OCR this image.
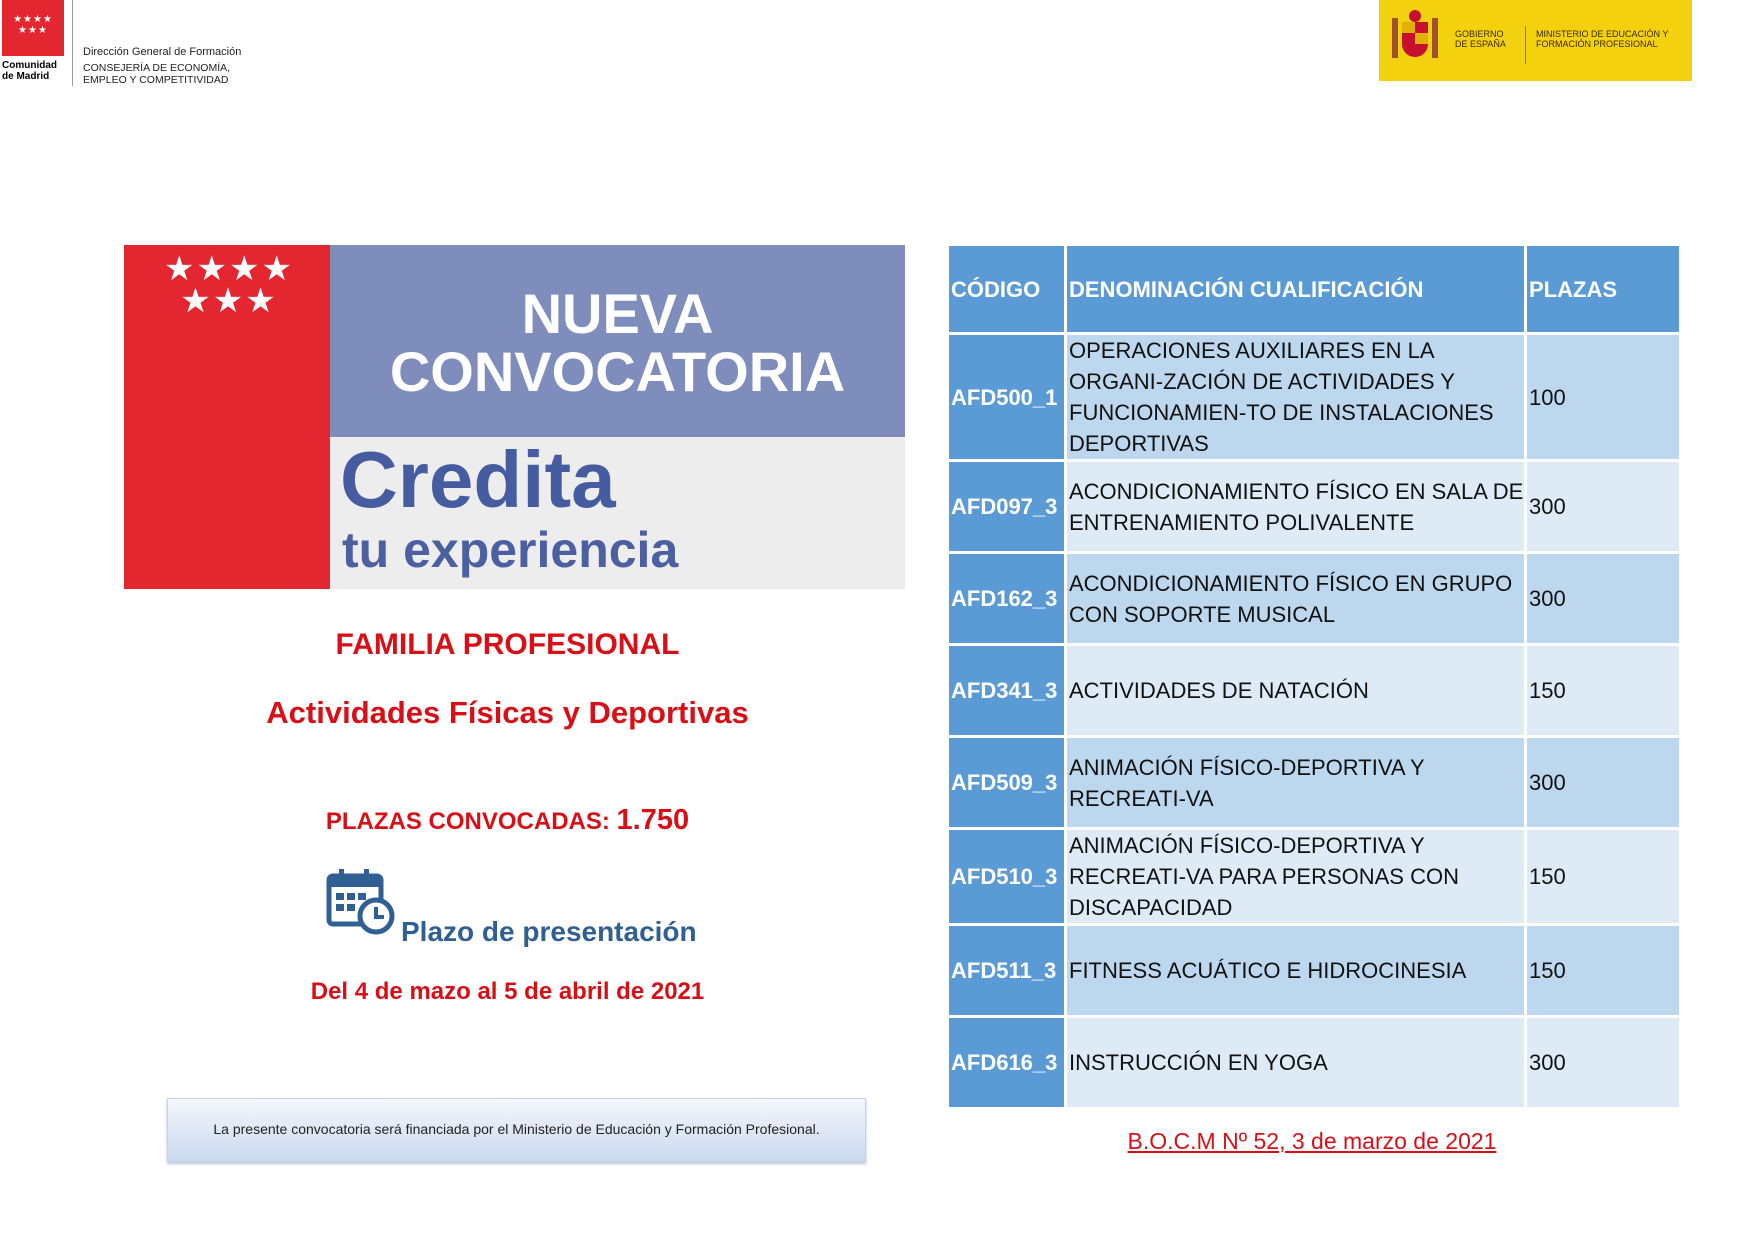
★★★★
★★★
Comunidad de Madrid
Dirección General de Formación
CONSEJERÍA DE ECONOMÍA, EMPLEO Y COMPETITIVIDAD
GOBIERNO DE ESPAÑA
MINISTERIO DE EDUCACIÓN Y FORMACIÓN PROFESIONAL
★★★★ ★★★	NUEVA
CONVOCATORIA
a Credita
tu experiencia
FAMILIA PROFESIONAL
Actividades Físicas y Deportivas
PLAZAS CONVOCADAS: 1.750
Plazo de presentación
Del 4 de mazo al 5 de abril de 2021
La presente convocatoria será financiada por el Ministerio de Educación y Formación Profesional.
CÓDIGO	DENOMINACIÓN CUALIFICACIÓN	PLAZAS
AFD500_1	OPERACIONES AUXILIARES EN LA ORGANI-ZACIÓN DE ACTIVIDADES Y FUNCIONAMIEN-TO DE INSTALACIONES DEPORTIVAS	100
AFD097_3	ACONDICIONAMIENTO FÍSICO EN SALA DE ENTRENAMIENTO POLIVALENTE	300
AFD162_3	ACONDICIONAMIENTO FÍSICO EN GRUPO CON SOPORTE MUSICAL	300
AFD341_3	ACTIVIDADES DE NATACIÓN	150
AFD509_3	ANIMACIÓN FÍSICO-DEPORTIVA Y RECREATI-VA	300
AFD510_3	ANIMACIÓN FÍSICO-DEPORTIVA Y RECREATI-VA PARA PERSONAS CON DISCAPACIDAD	150
AFD511_3	FITNESS ACUÁTICO E HIDROCINESIA	150
AFD616_3	INSTRUCCIÓN EN YOGA	300
B.O.C.M Nº 52, 3 de marzo de 2021
